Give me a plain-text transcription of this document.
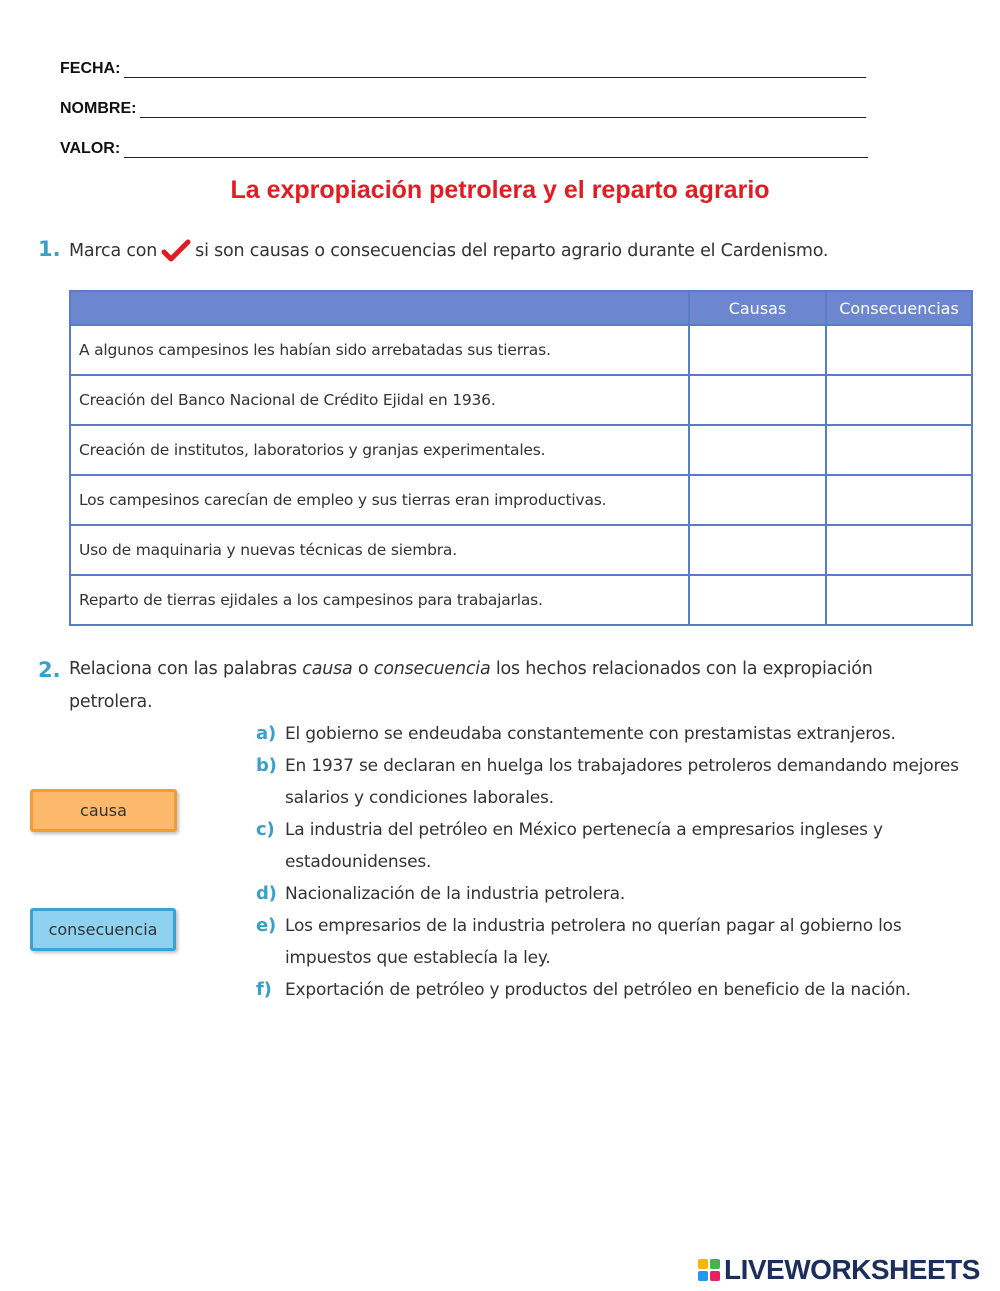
FECHA:
NOMBRE:
VALOR:
La expropiación petrolera y el reparto agrario
1. Marca con si son causas o consecuencias del reparto agrario durante el Cardenismo.
	Causas	Consecuencias
A algunos campesinos les habían sido arrebatadas sus tierras.		
Creación del Banco Nacional de Crédito Ejidal en 1936.		
Creación de institutos, laboratorios y granjas experimentales.		
Los campesinos carecían de empleo y sus tierras eran improductivas.		
Uso de maquinaria y nuevas técnicas de siembra.		
Reparto de tierras ejidales a los campesinos para trabajarlas.		
2. Relaciona con las palabras causa o consecuencia los hechos relacionados con la expropiación
petrolera.
causa
consecuencia
a) El gobierno se endeudaba constantemente con prestamistas extranjeros.
b) En 1937 se declaran en huelga los trabajadores petroleros demandando mejores salarios y condiciones laborales.
c) La industria del petróleo en México pertenecía a empresarios ingleses y estadounidenses.
d) Nacionalización de la industria petrolera.
e) Los empresarios de la industria petrolera no querían pagar al gobierno los impuestos que establecía la ley.
f) Exportación de petróleo y productos del petróleo en beneficio de la nación.
LIVEWORKSHEETS
